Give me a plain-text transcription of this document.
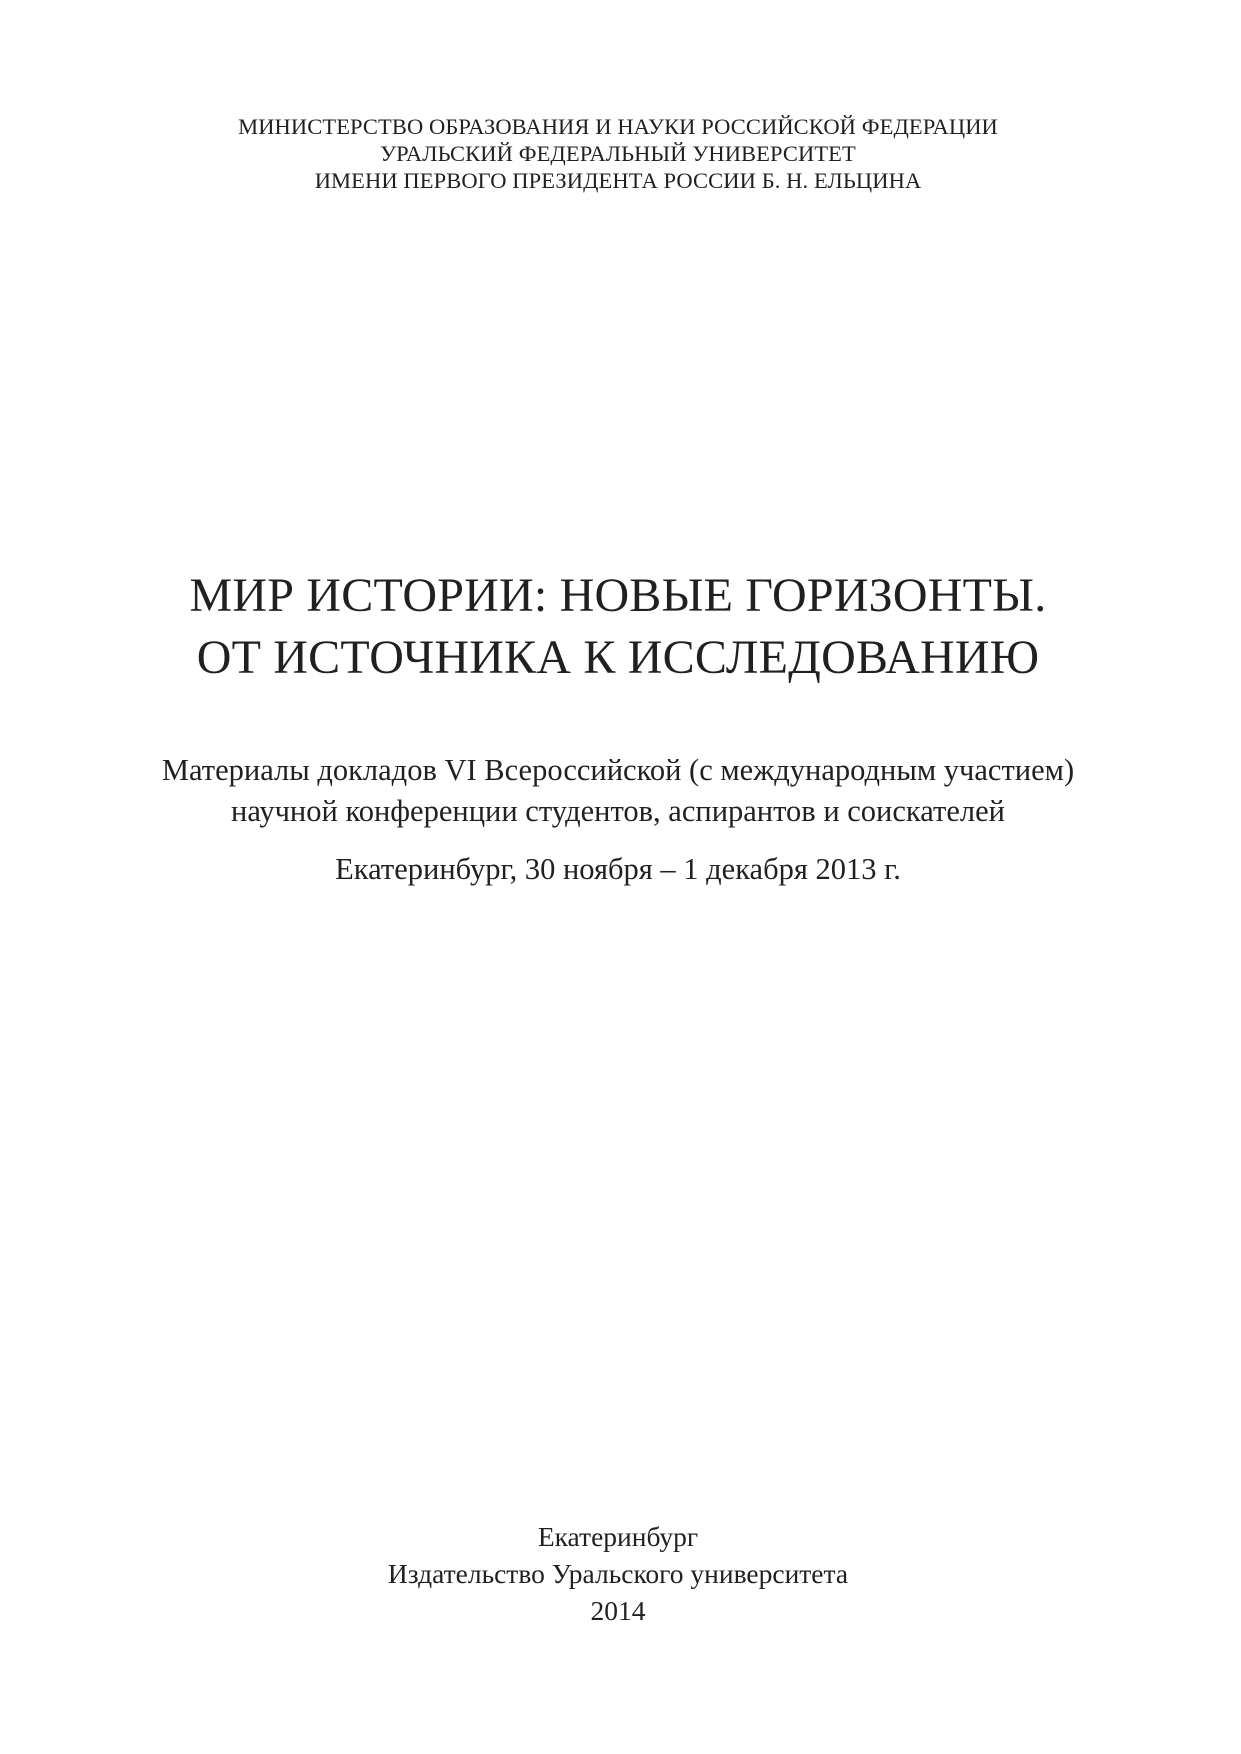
МИНИСТЕРСТВО ОБРАЗОВАНИЯ И НАУКИ РОССИЙСКОЙ ФЕДЕРАЦИИ
УРАЛЬСКИЙ ФЕДЕРАЛЬНЫЙ УНИВЕРСИТЕТ
ИМЕНИ ПЕРВОГО ПРЕЗИДЕНТА РОССИИ Б. Н. ЕЛЬЦИНА
МИР ИСТОРИИ: НОВЫЕ ГОРИЗОНТЫ.
ОТ ИСТОЧНИКА К ИССЛЕДОВАНИЮ
Материалы докладов VI Всероссийской (с международным участием)
научной конференции студентов, аспирантов и соискателей
Екатеринбург, 30 ноября – 1 декабря 2013 г.
Екатеринбург
Издательство Уральского университета
2014
